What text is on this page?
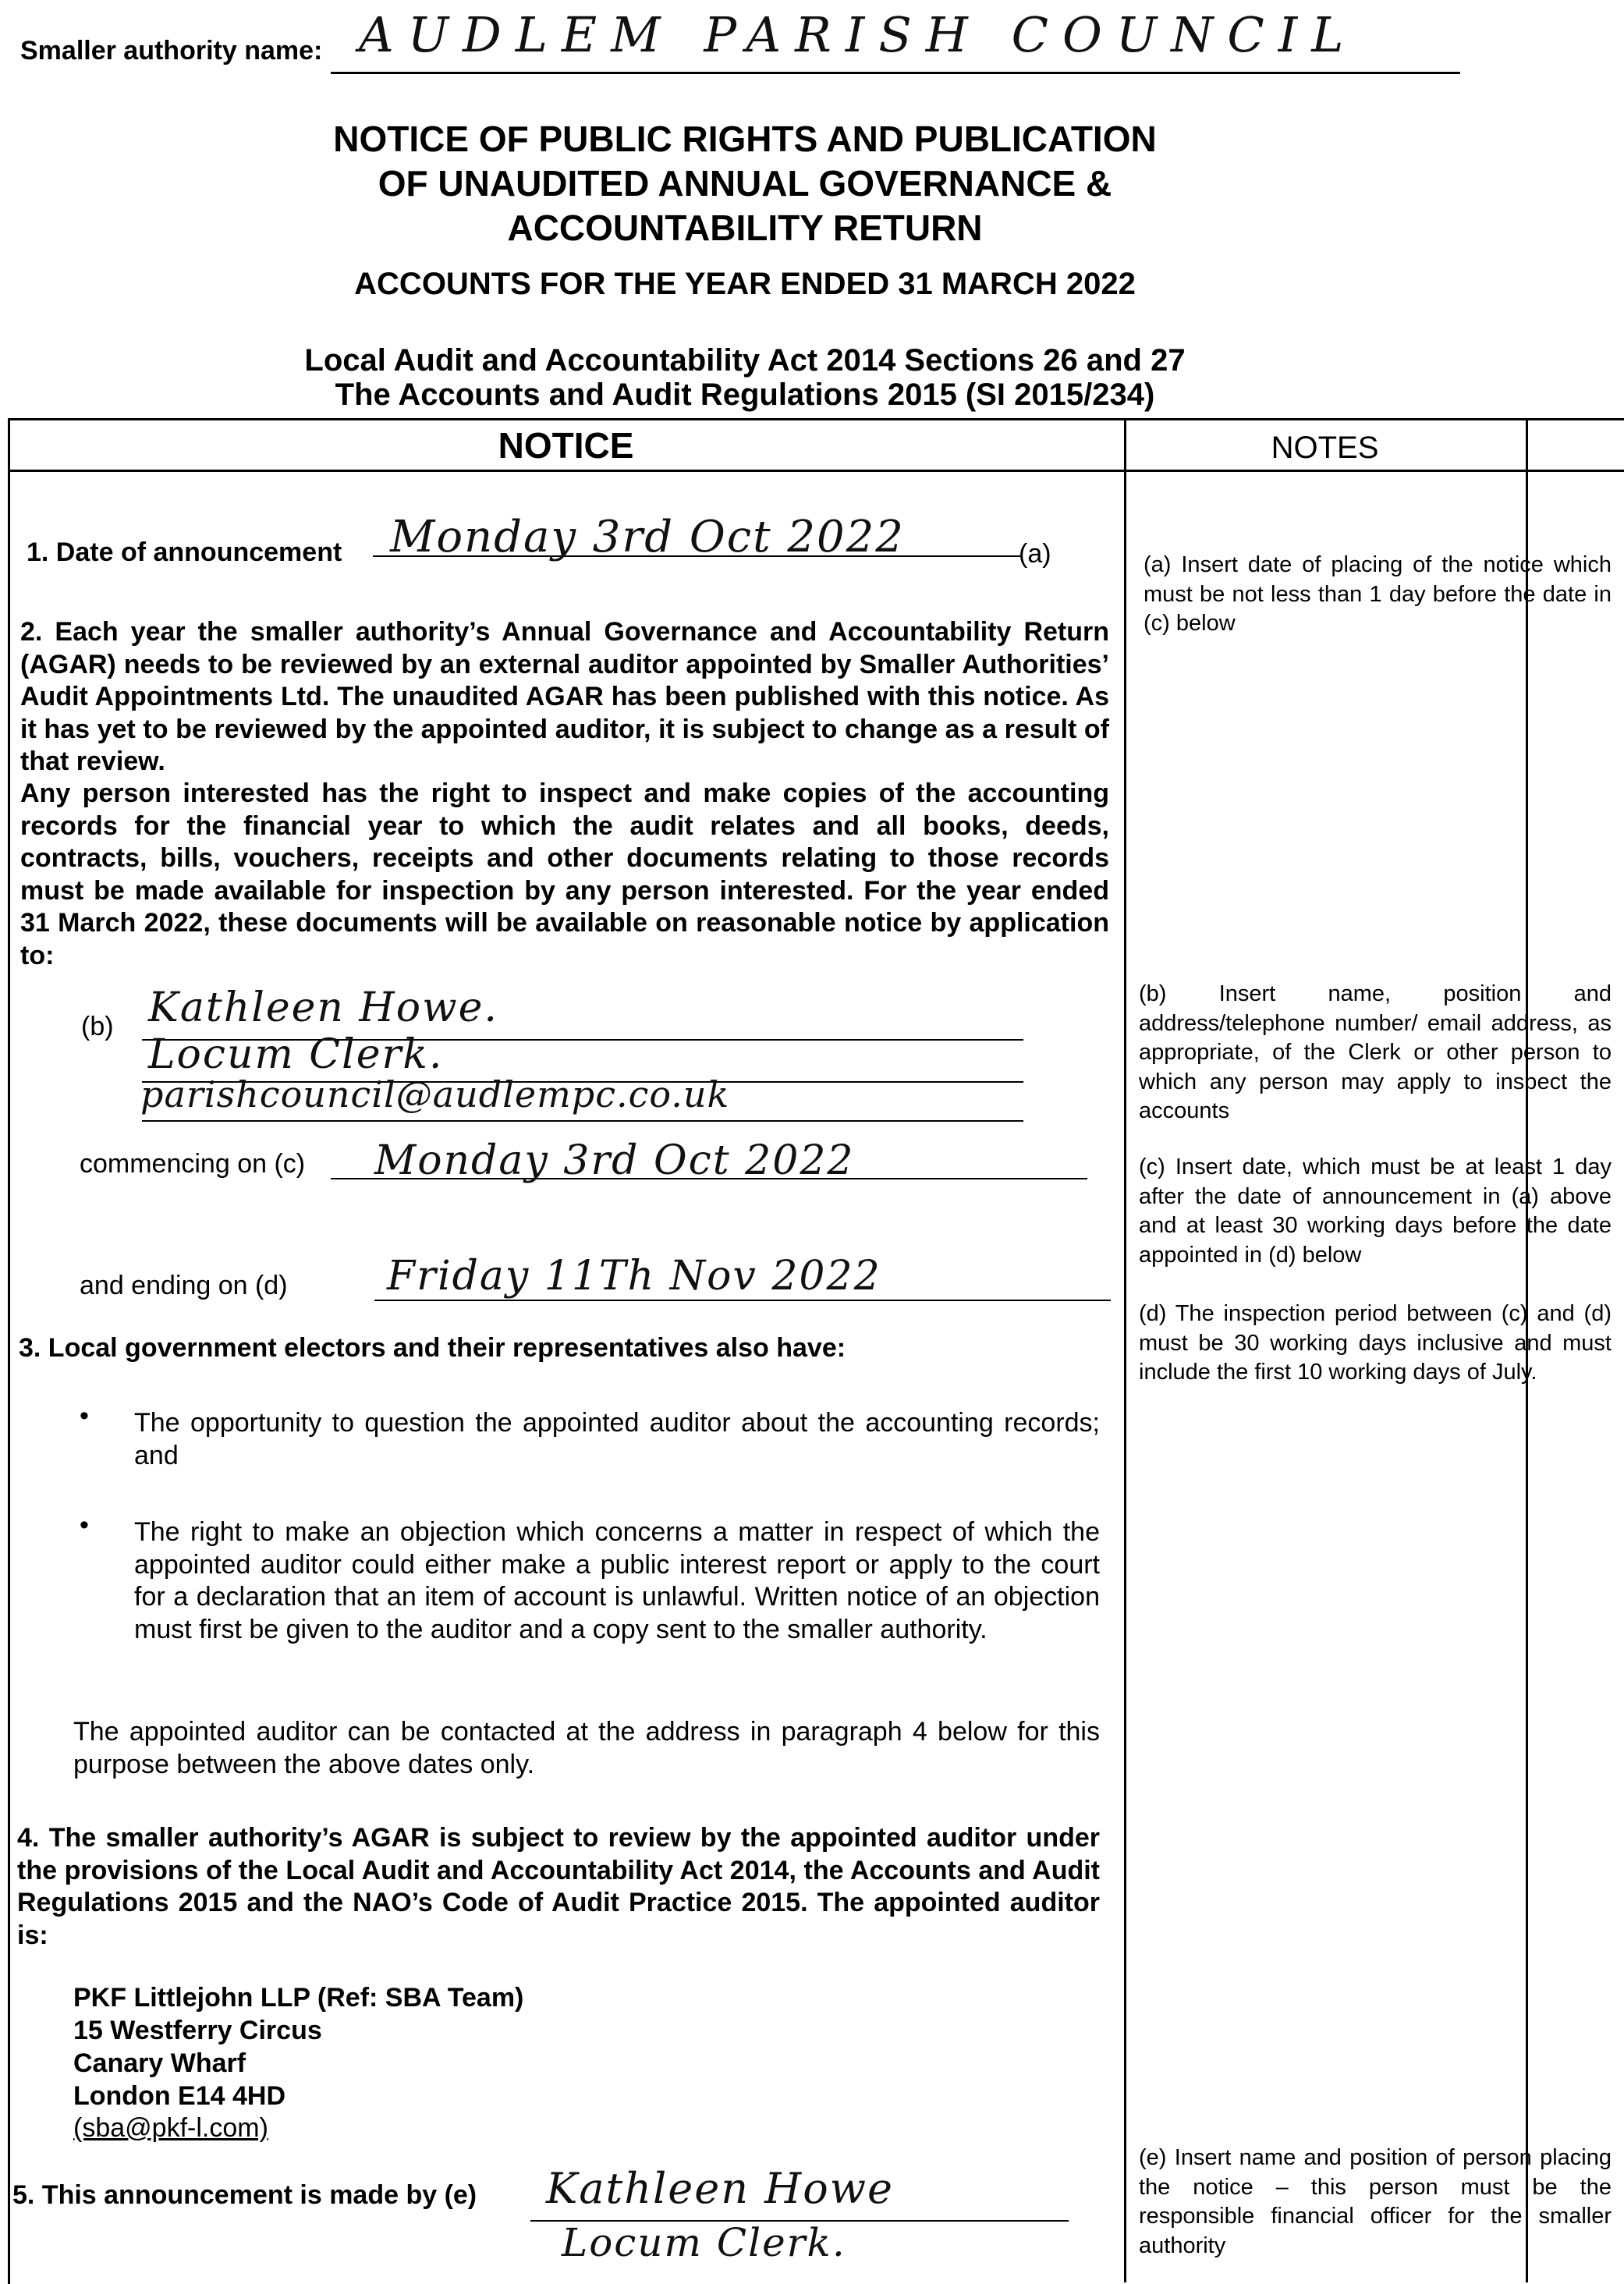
Smaller authority name: AUDLEM PARISH COUNCIL
NOTICE OF PUBLIC RIGHTS AND PUBLICATION
OF UNAUDITED ANNUAL GOVERNANCE &
ACCOUNTABILITY RETURN
ACCOUNTS FOR THE YEAR ENDED 31 MARCH 2022
Local Audit and Accountability Act 2014 Sections 26 and 27
The Accounts and Audit Regulations 2015 (SI 2015/234)
NOTICE	NOTES
1. Date of announcement Monday 3rd Oct 2022	(a)
2. Each year the smaller authority’s Annual Governance and Accountability Return (AGAR) needs to be reviewed by an external auditor appointed by Smaller Authorities’ Audit Appointments Ltd. The unaudited AGAR has been published with this notice. As it has yet to be reviewed by the appointed auditor, it is subject to change as a result of that review.
Any person interested has the right to inspect and make copies of the accounting records for the financial year to which the audit relates and all books, deeds, contracts, bills, vouchers, receipts and other documents relating to those records must be made available for inspection by any person interested. For the year ended 31 March 2022, these documents will be available on reasonable notice by application to:
(b) Kathleen Howe.
Locum Clerk.
parishcouncil@audlempc.co.uk
commencing on (c) Monday 3rd Oct 2022
and ending on (d) Friday 11Th Nov 2022
3. Local government electors and their representatives also have:
• The opportunity to question the appointed auditor about the accounting records; and
• The right to make an objection which concerns a matter in respect of which the appointed auditor could either make a public interest report or apply to the court for a declaration that an item of account is unlawful. Written notice of an objection must first be given to the auditor and a copy sent to the smaller authority.
The appointed auditor can be contacted at the address in paragraph 4 below for this purpose between the above dates only.
4. The smaller authority’s AGAR is subject to review by the appointed auditor under the provisions of the Local Audit and Accountability Act 2014, the Accounts and Audit Regulations 2015 and the NAO’s Code of Audit Practice 2015. The appointed auditor is:
PKF Littlejohn LLP (Ref: SBA Team)
15 Westferry Circus
Canary Wharf
London E14 4HD
(sba@pkf-l.com)
5. This announcement is made by (e) Kathleen Howe
Locum Clerk.
(a) Insert date of placing of the notice which must be not less than 1 day before the date in (c) below
(b) Insert name, position and address/telephone number/ email address, as appropriate, of the Clerk or other person to which any person may apply to inspect the accounts
(c) Insert date, which must be at least 1 day after the date of announcement in (a) above and at least 30 working days before the date appointed in (d) below
(d) The inspection period between (c) and (d) must be 30 working days inclusive and must include the first 10 working days of July.
(e) Insert name and position of person placing the notice – this person must be the responsible financial officer for the smaller authority
